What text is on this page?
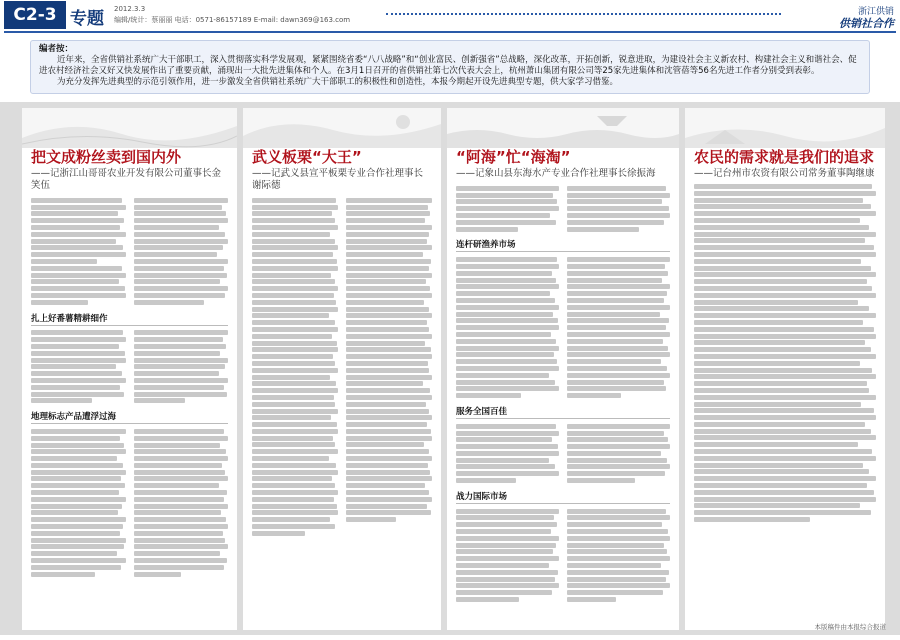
C2-3 专题 2012.3.3
编辑/统计：蔡丽丽 电话：0571-86157189 E-mail: dawn369@163.com
浙江供销
供销社合作

编者按：

近年来，全省供销社系统广大干部职工，深入贯彻落实科学发展观，紧紧围绕省委“八八战略”和“创业富民、创新强省”总战略，深化改革，开拓创新，锐意进取，为建设社会主义新农村、构建社会主义和谐社会、促进农村经济社会又好又快发展作出了重要贡献，涌现出一大批先进集体和个人。在3月1日召开的省供销社第七次代表大会上，杭州萧山集团有限公司等25家先进集体和沈管蓓等56名先进工作者分别受到表彰。

为充分发挥先进典型的示范引领作用，进一步激发全省供销社系统广大干部职工的积极性和创造性，本报今期起开设先进典型专题，供大家学习借鉴。

把文成粉丝卖到国内外
——记浙江山哥哥农业开发有限公司董事长金笑伍
扎上好番薯精耕细作
地理标志产品遭浮过海
武义板栗“大王”
——记武义县宣平板栗专业合作社理事长谢际德
“阿海”忙“海淘”
——记象山县东海水产专业合作社理事长徐振海
连杆研渔养市场
服务全国百佳
战力国际市场
农民的需求就是我们的追求
——记台州市农资有限公司常务董事陶继康
本版稿件由本报综合报道
